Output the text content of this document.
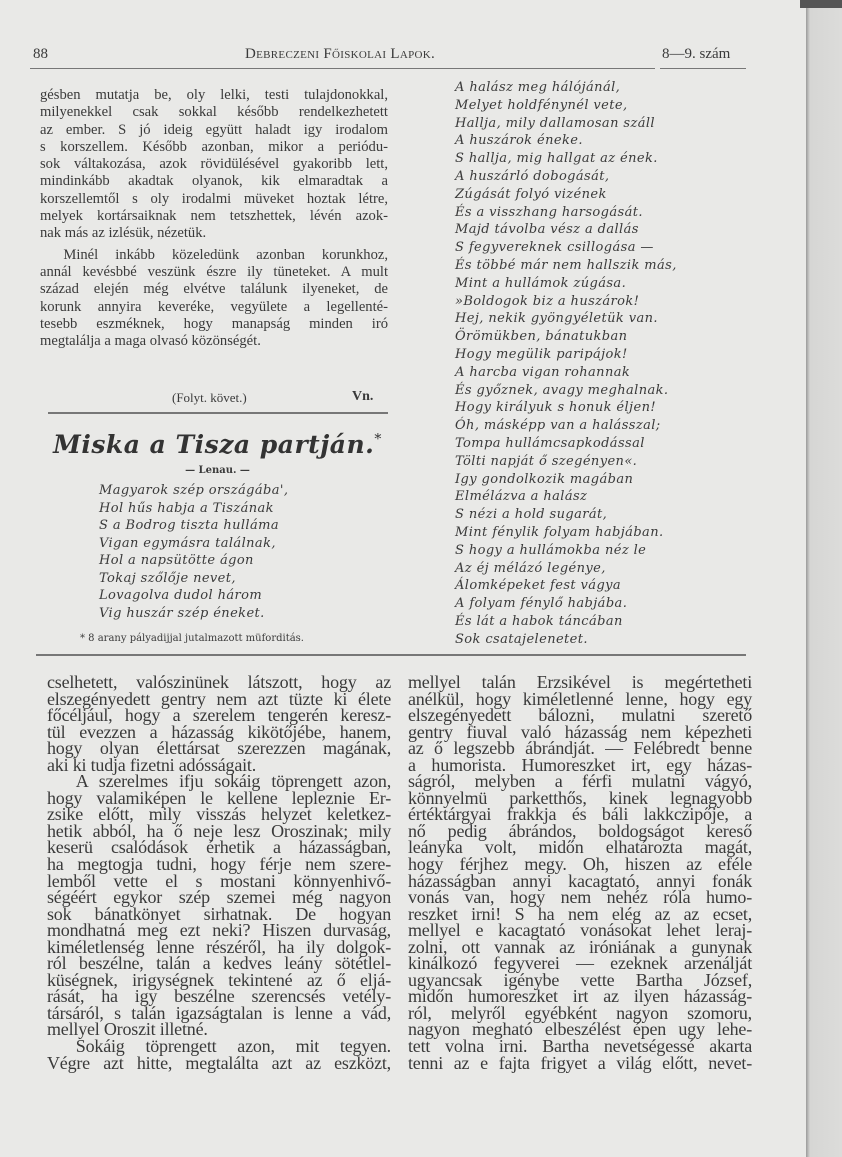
88	Debreczeni Főiskolai Lapok.	8—9. szám
gésben mutatja be, oly lelki, testi tulajdonokkal,
milyenekkel csak sokkal később rendelkezhetett
az ember. S jó ideig együtt haladt igy irodalom
s korszellem. Később azonban, mikor a periódu-
sok váltakozása, azok rövidülésével gyakoribb lett,
mindinkább akadtak olyanok, kik elmaradtak a
korszellemtől s oly irodalmi müveket hoztak létre,
melyek kortársaiknak nem tetszhettek, lévén azok-
nak más az izlésük, nézetük.
Minél inkább közeledünk azonban korunkhoz,
annál kevésbbé veszünk észre ily tüneteket. A mult
század elején még elvétve találunk ilyeneket, de
korunk annyira keveréke, vegyülete a legellenté-
tesebb eszméknek, hogy manapság minden iró
megtalálja a maga olvasó közönségét.
(Folyt. követ.)	Vn.
Miska a Tisza partján.*
— Lenau. —
Magyarok szép országába',
Hol hűs habja a Tiszának
S a Bodrog tiszta hulláma
Vigan egymásra találnak,
Hol a napsütötte ágon
Tokaj szőlője nevet,
Lovagolva dudol három
Vig huszár szép éneket.
* 8 arany pályadijjal jutalmazott müforditás.
A halász meg hálójánál,
Melyet holdfénynél vete,
Hallja, mily dallamosan száll
A huszárok éneke.
S hallja, mig hallgat az ének.
A huszárló dobogását,
Zúgását folyó vizének
És a visszhang harsogását.
Majd távolba vész a dallás
S fegyvereknek csillogása —
És többé már nem hallszik más,
Mint a hullámok zúgása.
»Boldogok biz a huszárok!
Hej, nekik gyöngyéletük van.
Örömükben, bánatukban
Hogy megülik paripájok!
A harcba vigan rohannak
És győznek, avagy meghalnak.
Hogy királyuk s honuk éljen!
Óh, másképp van a halásszal;
Tompa hullámcsapkodással
Tölti napját ő szegényen«.
Igy gondolkozik magában
Elmélázva a halász
S nézi a hold sugarát,
Mint fénylik folyam habjában.
S hogy a hullámokba néz le
Az éj mélázó legénye,
Álomképeket fest vágya
A folyam fénylő habjába.
És lát a habok táncában
Sok csatajelenetet.
cselhetett, valószinünek látszott, hogy az
elszegényedett gentry nem azt tüzte ki élete
főcéljául, hogy a szerelem tengerén keresz-
tül evezzen a házasság kikötőjébe, hanem,
hogy olyan élettársat szerezzen magának,
aki ki tudja fizetni adósságait.
A szerelmes ifju sokáig töprengett azon,
hogy valamiképen le kellene lepleznie Er-
zsike előtt, mily visszás helyzet keletkez-
hetik abból, ha ő neje lesz Oroszinak; mily
keserü csalódások érhetik a házasságban,
ha megtogja tudni, hogy férje nem szere-
lemből vette el s mostani könnyenhivő-
ségéért egykor szép szemei még nagyon
sok bánatkönyet sirhatnak. De hogyan
mondhatná meg ezt neki? Hiszen durvaság,
kiméletlenség lenne részéről, ha ily dolgok-
ról beszélne, talán a kedves leány sötétlel-
küségnek, irigységnek tekintené az ő eljá-
rását, ha igy beszélne szerencsés vetély-
társáról, s talán igazságtalan is lenne a vád,
mellyel Oroszit illetné.
Sokáig töprengett azon, mit tegyen.
Végre azt hitte, megtalálta azt az eszközt,
mellyel talán Erzsikével is megértetheti
anélkül, hogy kiméletlenné lenne, hogy egy
elszegényedett bálozni, mulatni szerető
gentry fiuval való házasság nem képezheti
az ő legszebb ábrándját. — Felébredt benne
a humorista. Humoreszket irt, egy házas-
ságról, melyben a férfi mulatni vágyó,
könnyelmü parketthős, kinek legnagyobb
értéktárgyai frakkja és báli lakkczipője, a
nő pedig ábrándos, boldogságot kereső
leányka volt, midőn elhatározta magát,
hogy férjhez megy. Oh, hiszen az eféle
házasságban annyi kacagtató, annyi fonák
vonás van, hogy nem nehéz róla humo-
reszket irni! S ha nem elég az az ecset,
mellyel e kacagtató vonásokat lehet leraj-
zolni, ott vannak az iróniának a gunynak
kinálkozó fegyverei — ezeknek arzenálját
ugyancsak igénybe vette Bartha József,
midőn humoreszket irt az ilyen házasság-
ról, melyről egyébként nagyon szomoru,
nagyon megható elbeszélést épen ugy lehe-
tett volna irni. Bartha nevetségessé akarta
tenni az e fajta frigyet a világ előtt, nevet-
